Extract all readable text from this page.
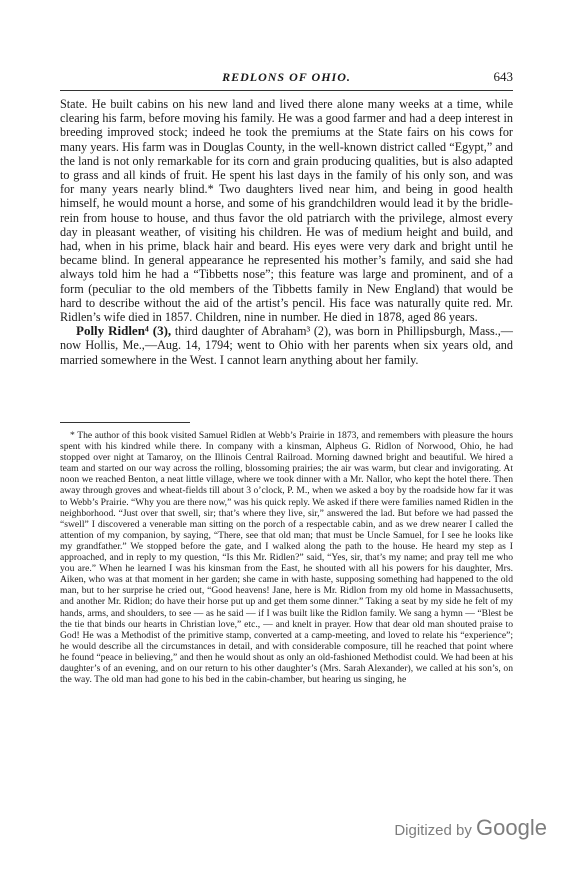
REDLONS OF OHIO.	643

State. He built cabins on his new land and lived there alone many weeks at a time, while clearing his farm, before moving his family. He was a good farmer and had a deep interest in breeding improved stock; indeed he took the premiums at the State fairs on his cows for many years. His farm was in Douglas County, in the well-known district called “Egypt,” and the land is not only remarkable for its corn and grain producing qualities, but is also adapted to grass and all kinds of fruit. He spent his last days in the family of his only son, and was for many years nearly blind.* Two daughters lived near him, and being in good health himself, he would mount a horse, and some of his grandchildren would lead it by the bridle-rein from house to house, and thus favor the old patriarch with the privilege, almost every day in pleasant weather, of visiting his children. He was of medium height and build, and had, when in his prime, black hair and beard. His eyes were very dark and bright until he became blind. In general appearance he represented his mother’s family, and said she had always told him he had a “Tibbetts nose”; this feature was large and prominent, and of a form (peculiar to the old members of the Tibbetts family in New England) that would be hard to describe without the aid of the artist’s pencil. His face was naturally quite red. Mr. Ridlen’s wife died in 1857. Children, nine in number. He died in 1878, aged 86 years.

Polly Ridlen⁴ (3), third daughter of Abraham³ (2), was born in Phillipsburgh, Mass.,—now Hollis, Me.,—Aug. 14, 1794; went to Ohio with her parents when six years old, and married somewhere in the West. I cannot learn anything about her family.

* The author of this book visited Samuel Ridlen at Webb’s Prairie in 1873, and remembers with pleasure the hours spent with his kindred while there. In company with a kinsman, Alpheus G. Ridlon of Norwood, Ohio, he had stopped over night at Tamaroy, on the Illinois Central Railroad. Morning dawned bright and beautiful. We hired a team and started on our way across the rolling, blossoming prairies; the air was warm, but clear and invigorating. At noon we reached Benton, a neat little village, where we took dinner with a Mr. Nallor, who kept the hotel there. Then away through groves and wheat-fields till about 3 o’clock, P. M., when we asked a boy by the roadside how far it was to Webb’s Prairie. “Why you are there now,” was his quick reply. We asked if there were families named Ridlen in the neighborhood. “Just over that swell, sir; that’s where they live, sir,” answered the lad. But before we had passed the “swell” I discovered a venerable man sitting on the porch of a respectable cabin, and as we drew nearer I called the attention of my companion, by saying, “There, see that old man; that must be Uncle Samuel, for I see he looks like my grandfather.” We stopped before the gate, and I walked along the path to the house. He heard my step as I approached, and in reply to my question, “Is this Mr. Ridlen?” said, “Yes, sir, that’s my name; and pray tell me who you are.” When he learned I was his kinsman from the East, he shouted with all his powers for his daughter, Mrs. Aiken, who was at that moment in her garden; she came in with haste, supposing something had happened to the old man, but to her surprise he cried out, “Good heavens! Jane, here is Mr. Ridlon from my old home in Massachusetts, and another Mr. Ridlon; do have their horse put up and get them some dinner.” Taking a seat by my side he felt of my hands, arms, and shoulders, to see — as he said — if I was built like the Ridlon family. We sang a hymn — “Blest be the tie that binds our hearts in Christian love,” etc., — and knelt in prayer. How that dear old man shouted praise to God! He was a Methodist of the primitive stamp, converted at a camp-meeting, and loved to relate his “experience”; he would describe all the circumstances in detail, and with considerable composure, till he reached that point where he found “peace in believing,” and then he would shout as only an old-fashioned Methodist could. We had been at his daughter’s of an evening, and on our return to his other daughter’s (Mrs. Sarah Alexander), we called at his son’s, on the way. The old man had gone to his bed in the cabin-chamber, but hearing us singing, he

Digitized by Google
